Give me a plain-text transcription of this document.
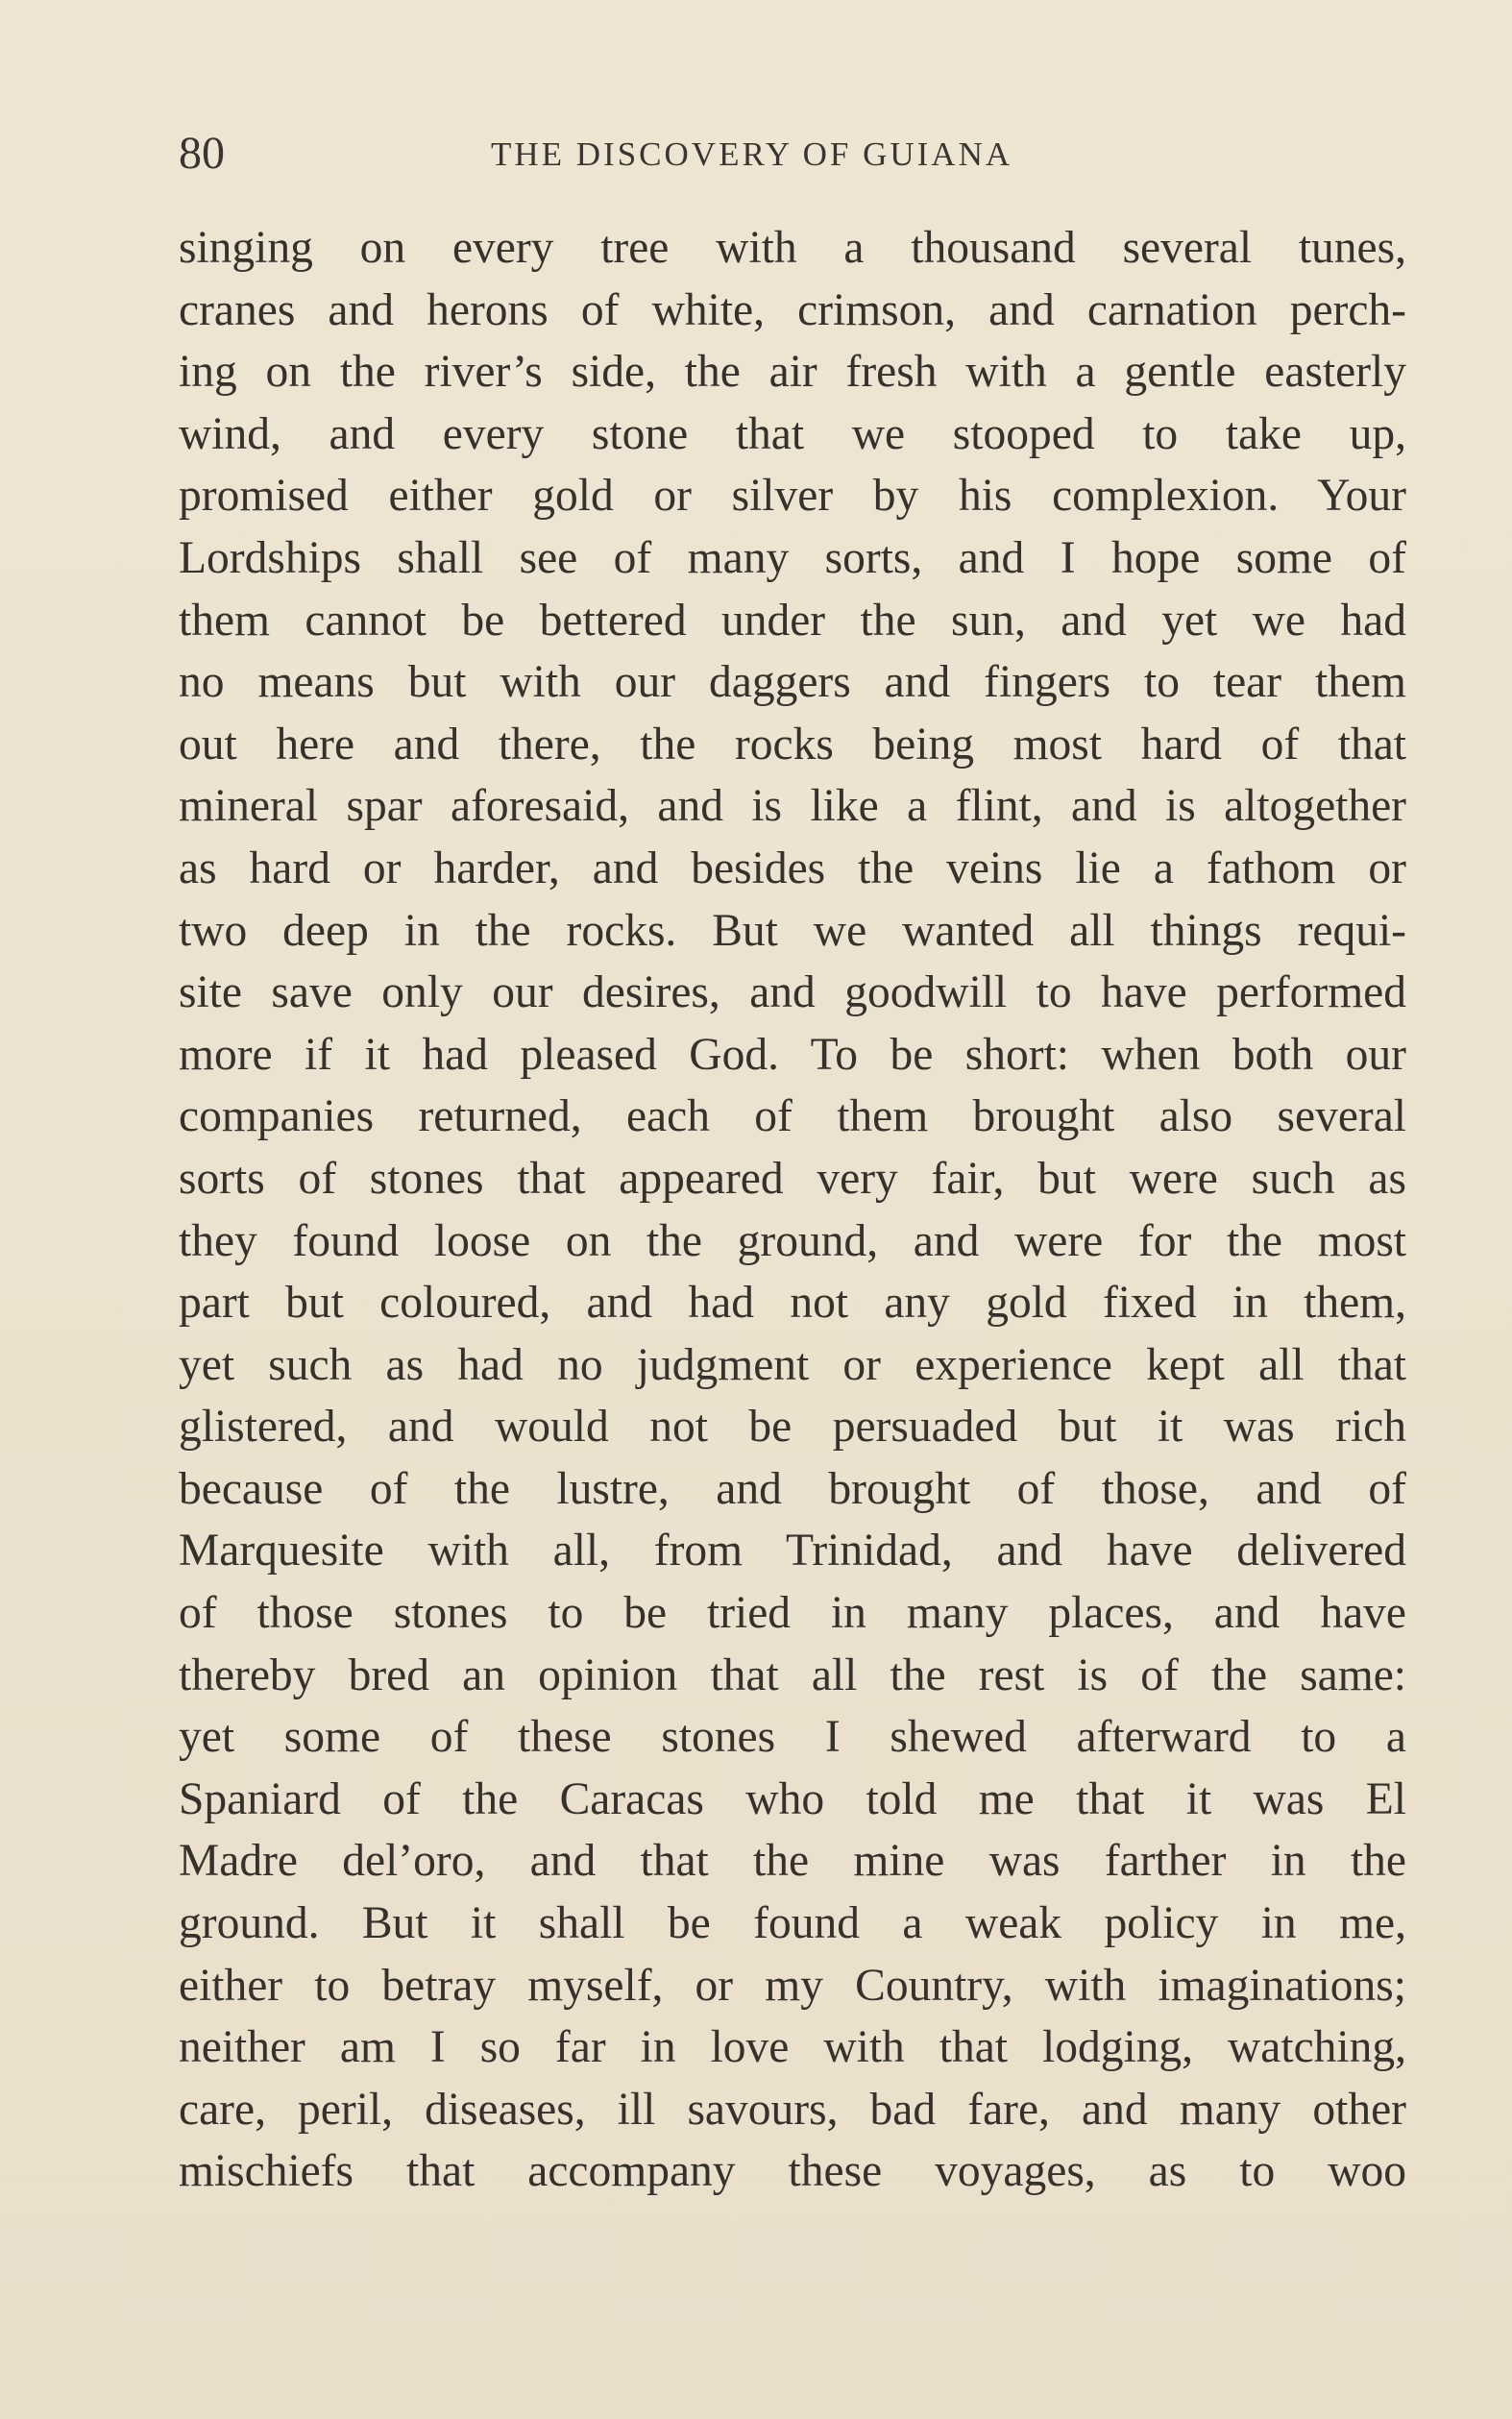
80	THE DISCOVERY OF GUIANA
singing on every tree with a thousand several tunes,
cranes and herons of white, crimson, and carnation perch-
ing on the river’s side, the air fresh with a gentle easterly
wind, and every stone that we stooped to take up,
promised either gold or silver by his complexion. Your
Lordships shall see of many sorts, and I hope some of
them cannot be bettered under the sun, and yet we had
no means but with our daggers and fingers to tear them
out here and there, the rocks being most hard of that
mineral spar aforesaid, and is like a flint, and is altogether
as hard or harder, and besides the veins lie a fathom or
two deep in the rocks. But we wanted all things requi-
site save only our desires, and goodwill to have performed
more if it had pleased God. To be short: when both our
companies returned, each of them brought also several
sorts of stones that appeared very fair, but were such as
they found loose on the ground, and were for the most
part but coloured, and had not any gold fixed in them,
yet such as had no judgment or experience kept all that
glistered, and would not be persuaded but it was rich
because of the lustre, and brought of those, and of
Marquesite with all, from Trinidad, and have delivered
of those stones to be tried in many places, and have
thereby bred an opinion that all the rest is of the same:
yet some of these stones I shewed afterward to a
Spaniard of the Caracas who told me that it was El
Madre del’oro, and that the mine was farther in the
ground. But it shall be found a weak policy in me,
either to betray myself, or my Country, with imaginations;
neither am I so far in love with that lodging, watching,
care, peril, diseases, ill savours, bad fare, and many other
mischiefs that accompany these voyages, as to woo
